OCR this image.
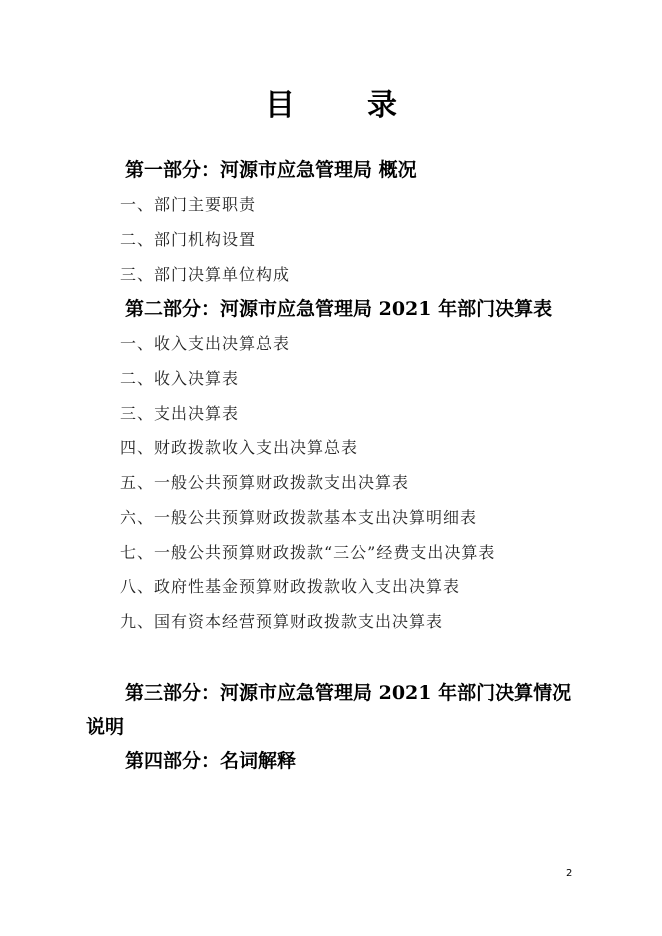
目 录
第一部分：河源市应急管理局 概况
一、部门主要职责
二、部门机构设置
三、部门决算单位构成
第二部分：河源市应急管理局 2021 年部门决算表
一、收入支出决算总表
二、收入决算表
三、支出决算表
四、财政拨款收入支出决算总表
五、一般公共预算财政拨款支出决算表
六、一般公共预算财政拨款基本支出决算明细表
七、一般公共预算财政拨款“三公”经费支出决算表
八、政府性基金预算财政拨款收入支出决算表
九、国有资本经营预算财政拨款支出决算表
第三部分：河源市应急管理局 2021 年部门决算情况
说明
第四部分：名词解释
2
